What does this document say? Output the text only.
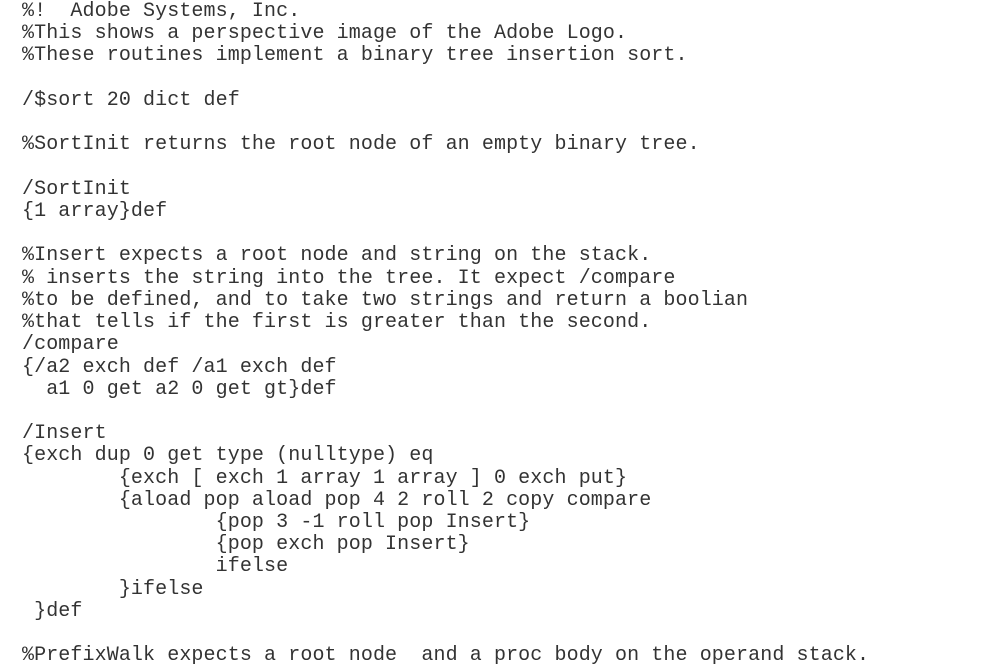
%!  Adobe Systems, Inc.
%This shows a perspective image of the Adobe Logo.
%These routines implement a binary tree insertion sort.
/$sort 20 dict def
%SortInit returns the root node of an empty binary tree.
/SortInit
{1 array}def
%Insert expects a root node and string on the stack.
% inserts the string into the tree. It expect /compare
%to be defined, and to take two strings and return a boolian
%that tells if the first is greater than the second.
/compare
{/a2 exch def /a1 exch def
a1 0 get a2 0 get gt}def
/Insert
{exch dup 0 get type (nulltype) eq
{exch [ exch 1 array 1 array ] 0 exch put}
{aload pop aload pop 4 2 roll 2 copy compare
{pop 3 -1 roll pop Insert}
{pop exch pop Insert}
ifelse
}ifelse
}def
%PrefixWalk expects a root node  and a proc body on the operand stack.
